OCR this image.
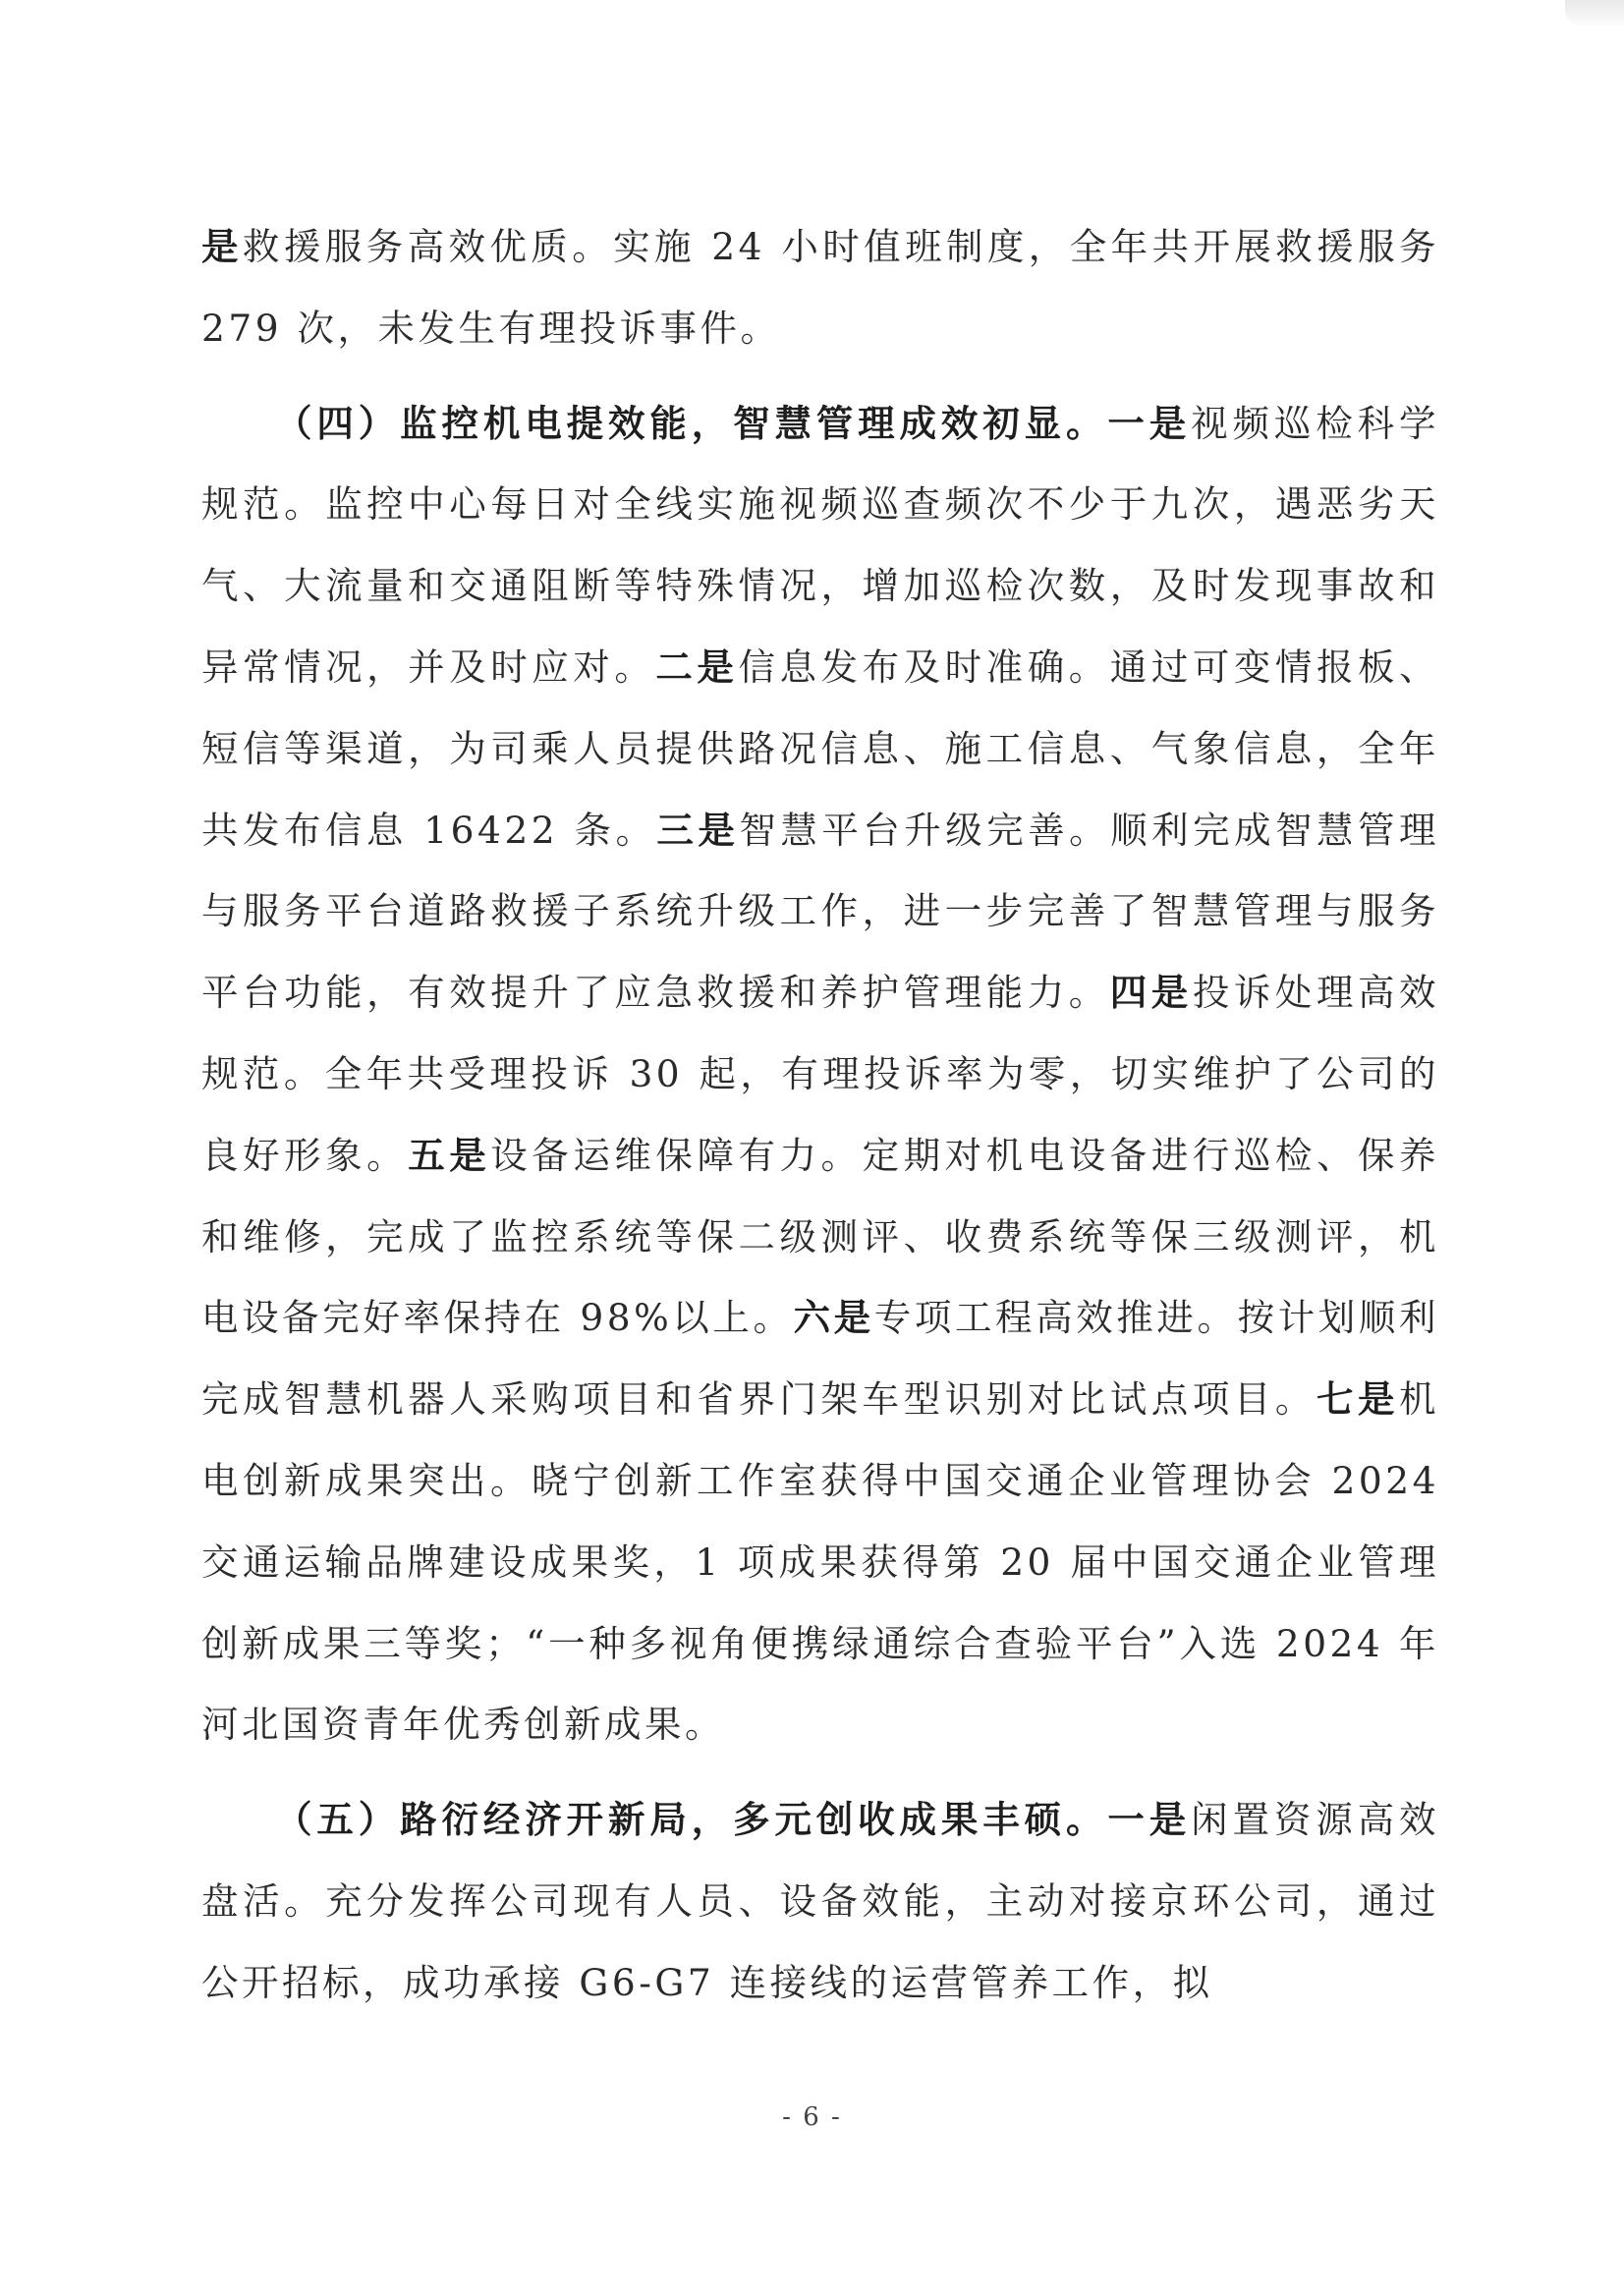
是救援服务高效优质。实施 24 小时值班制度，全年共开展救援服务 279 次，未发生有理投诉事件。

（四）监控机电提效能，智慧管理成效初显。一是视频巡检科学规范。监控中心每日对全线实施视频巡查频次不少于九次，遇恶劣天气、大流量和交通阻断等特殊情况，增加巡检次数，及时发现事故和异常情况，并及时应对。二是信息发布及时准确。通过可变情报板、短信等渠道，为司乘人员提供路况信息、施工信息、气象信息，全年共发布信息 16422 条。三是智慧平台升级完善。顺利完成智慧管理与服务平台道路救援子系统升级工作，进一步完善了智慧管理与服务平台功能，有效提升了应急救援和养护管理能力。四是投诉处理高效规范。全年共受理投诉 30 起，有理投诉率为零，切实维护了公司的良好形象。五是设备运维保障有力。定期对机电设备进行巡检、保养和维修，完成了监控系统等保二级测评、收费系统等保三级测评，机电设备完好率保持在 98%以上。六是专项工程高效推进。按计划顺利完成智慧机器人采购项目和省界门架车型识别对比试点项目。七是机电创新成果突出。晓宁创新工作室获得中国交通企业管理协会 2024 交通运输品牌建设成果奖，1 项成果获得第 20 届中国交通企业管理创新成果三等奖；“一种多视角便携绿通综合查验平台”入选 2024 年河北国资青年优秀创新成果。

（五）路衍经济开新局，多元创收成果丰硕。一是闲置资源高效盘活。充分发挥公司现有人员、设备效能，主动对接京环公司，通过公开招标，成功承接 G6-G7 连接线的运营管养工作，拟

- 6 -
